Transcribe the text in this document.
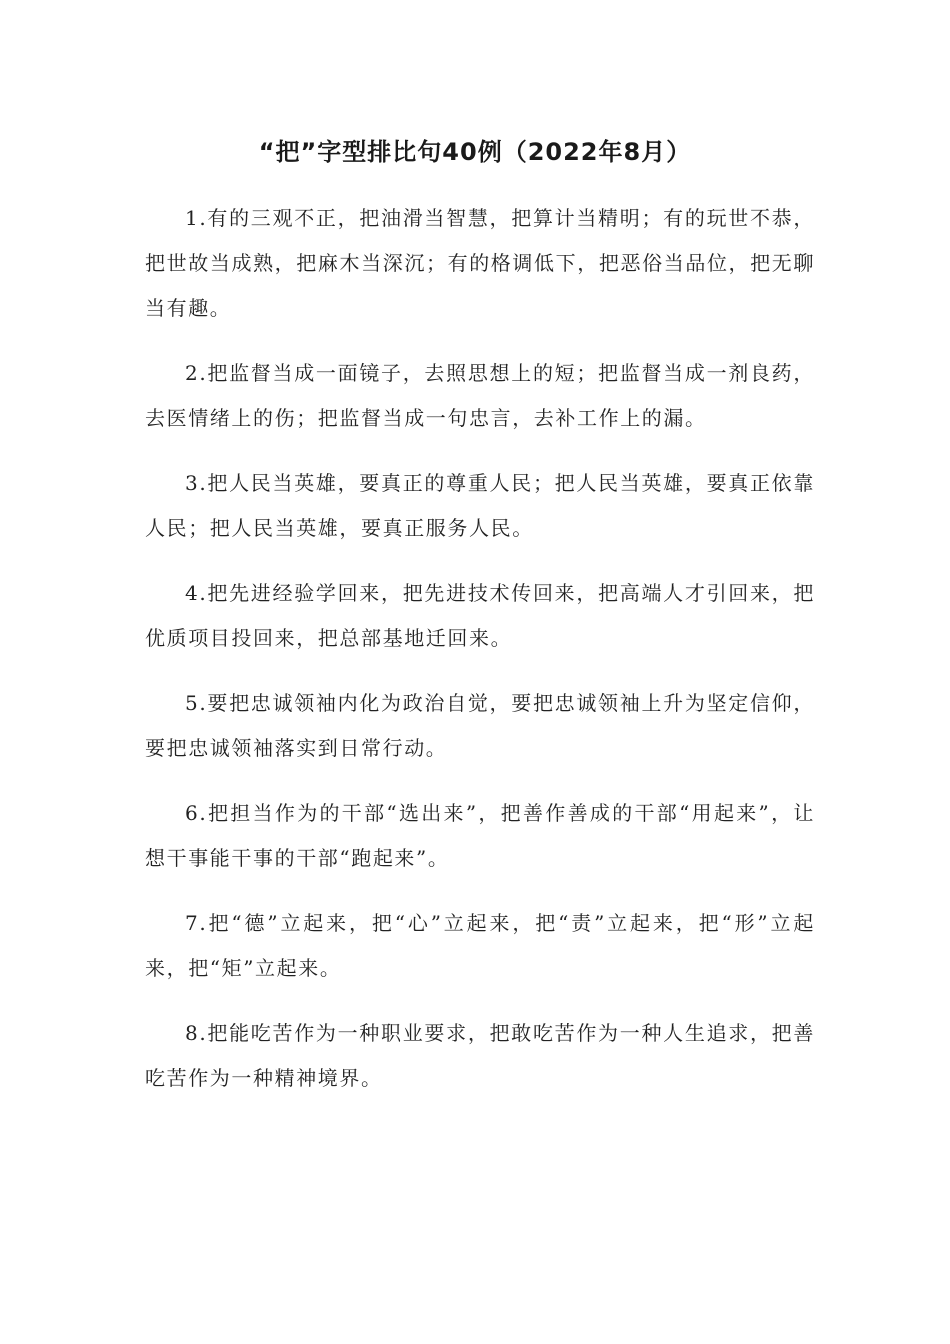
“把”字型排比句40例（2022年8月）

1.有的三观不正，把油滑当智慧，把算计当精明；有的玩世不恭，把世故当成熟，把麻木当深沉；有的格调低下，把恶俗当品位，把无聊当有趣。

2.把监督当成一面镜子，去照思想上的短；把监督当成一剂良药，去医情绪上的伤；把监督当成一句忠言，去补工作上的漏。

3.把人民当英雄，要真正的尊重人民；把人民当英雄，要真正依靠人民；把人民当英雄，要真正服务人民。

4.把先进经验学回来，把先进技术传回来，把高端人才引回来，把优质项目投回来，把总部基地迁回来。

5.要把忠诚领袖内化为政治自觉，要把忠诚领袖上升为坚定信仰，要把忠诚领袖落实到日常行动。

6.把担当作为的干部“选出来”，把善作善成的干部“用起来”，让想干事能干事的干部“跑起来”。

7.把“德”立起来，把“心”立起来，把“责”立起来，把“形”立起来，把“矩”立起来。

8.把能吃苦作为一种职业要求，把敢吃苦作为一种人生追求，把善吃苦作为一种精神境界。
